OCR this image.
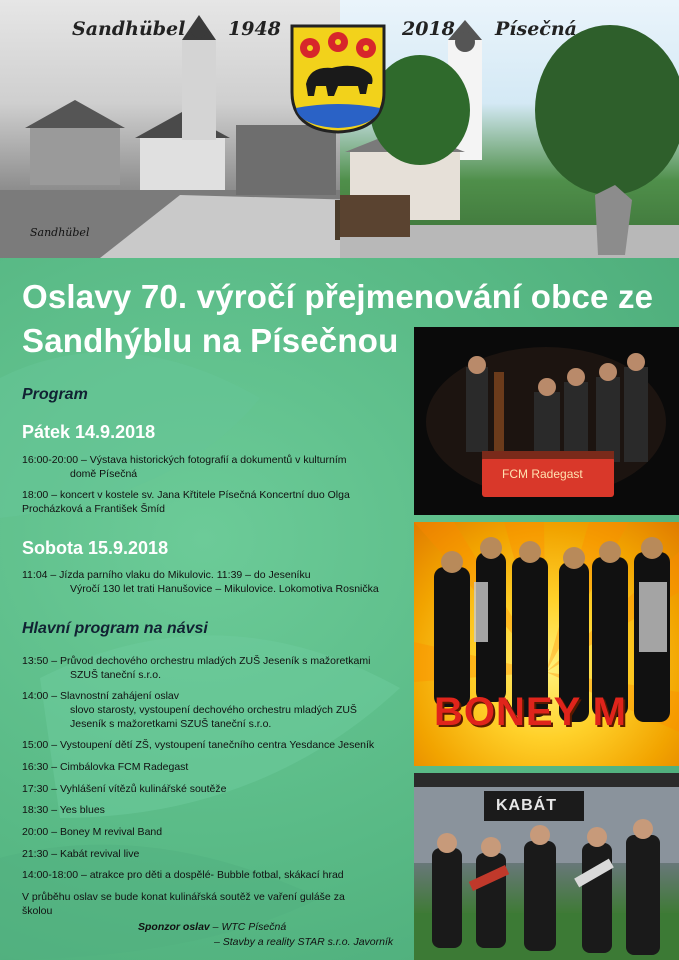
Sandhübel
Sandhübel 1948	2018 Písečná
Oslavy 70. výročí přejmenování obce ze
Sandhýblu na Písečnou
Program
Pátek 14.9.2018
16:00-20:00 – Výstava historických fotografií a dokumentů v kulturním
domě Písečná
18:00 – koncert v kostele sv. Jana Křtitele Písečná Koncertní duo Olga
Procházková a František Šmíd
Sobota 15.9.2018
11:04 – Jízda parního vlaku do Mikulovic. 11:39 – do Jeseníku
Výročí 130 let trati Hanušovice – Mikulovice. Lokomotiva Rosnička
Hlavní program na návsi
13:50 – Průvod dechového orchestru mladých ZUŠ Jeseník s mažoretkami
SZUŠ taneční s.r.o.
14:00 – Slavnostní zahájení oslav
slovo starosty, vystoupení dechového orchestru mladých ZUŠ
Jeseník s mažoretkami SZUŠ taneční s.r.o.
15:00 – Vystoupení dětí ZŠ, vystoupení tanečního centra Yesdance Jeseník
16:30 – Cimbálovka FCM Radegast
17:30 – Vyhlášení vítězů kulinářské soutěže
18:30 – Yes blues
20:00 – Boney M revival Band
21:30 – Kabát revival live
14:00-18:00 – atrakce pro děti a dospělé- Bubble fotbal, skákací hrad
V průběhu oslav se bude konat kulinářská soutěž ve vaření guláše za
školou
Sponzor oslav – WTC Písečná
– Stavby a reality STAR s.r.o. Javorník
FCM Radegast
BONEY M
KABÁT
